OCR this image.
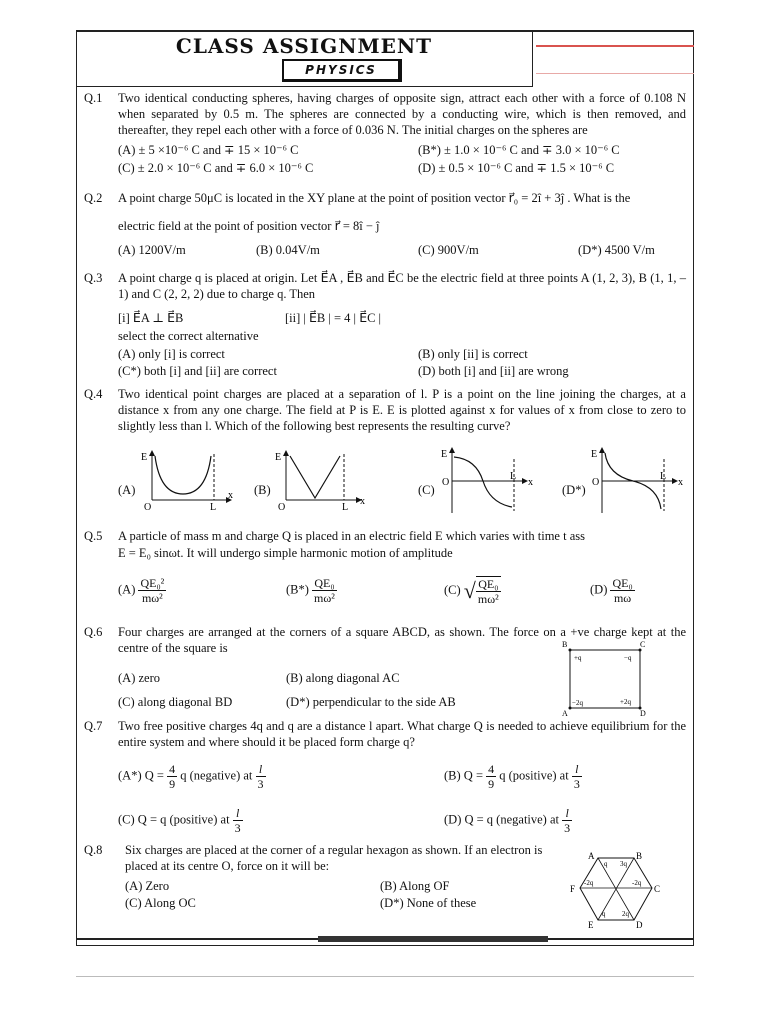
CLASS ASSIGNMENT
PHYSICS
Q.1 Two identical conducting spheres, having charges of opposite sign, attract each other with a force of 0.108 N when separated by 0.5 m. The spheres are connected by a conducting wire, which is then removed, and thereafter, they repel each other with a force of 0.036 N. The initial charges on the spheres are
(A) ± 5 ×10⁻⁶ C and ∓ 15 × 10⁻⁶ C	(B*) ± 1.0 × 10⁻⁶ C and ∓ 3.0 × 10⁻⁶ C
(C) ± 2.0 × 10⁻⁶ C and ∓ 6.0 × 10⁻⁶ C	(D) ± 0.5 × 10⁻⁶ C and ∓ 1.5 × 10⁻⁶ C
Q.2 A point charge 50μC is located in the XY plane at the point of position vector r⃗₀ = 2î + 3ĵ . What is the
electric field at the point of position vector r⃗ = 8î − ĵ
(A) 1200V/m	(B) 0.04V/m	(C) 900V/m	(D*) 4500 V/m
Q.3 A point charge q is placed at origin. Let E⃗A , E⃗B and E⃗C be the electric field at three points A (1, 2, 3), B (1, 1, – 1) and C (2, 2, 2) due to charge q. Then
[i] E⃗A ⊥ E⃗B	[ii] | E⃗B | = 4 | E⃗C |
select the correct alternative
(A) only [i] is correct	(B) only [ii] is correct
(C*) both [i] and [ii] are correct	(D) both [i] and [ii] are wrong
Q.4 Two identical point charges are placed at a separation of l. P is a point on the line joining the charges, at a distance x from any one charge. The field at P is E. E is plotted against x for values of x from close to zero to slightly less than l. Which of the following best represents the resulting curve?
(A)	(B)	(C)	(D*)
E
O	L
x
E
O	L
x
E
O
L
x
E
O
L
x
Q.5 A particle of mass m and charge Q is placed in an electric field E which varies with time t ass
E = E₀ sinωt. It will undergo simple harmonic motion of amplitude
$(A) \frac{\text{QE₀²}}{\text{mω²}}$	$(B*) \frac{\text{QE₀}}{\text{mω²}}$	(C) √ $\frac{\text{QE₀}}{\text{mω²}}$	$(D) \frac{\text{QE₀}}{m\omega}$
Q.6 Four charges are arranged at the corners of a square ABCD, as shown. The force on a +ve charge kept at the centre of the square is
(A) zero	(B) along diagonal AC
(C) along diagonal BD	(D*) perpendicular to the side AB
B	C
A	D
+q	−q
−2q	+2q
Q.7 Two free positive charges 4q and q are a distance l apart. What charge Q is needed to achieve equilibrium for the entire system and where should it be placed form charge q?
(A*) $Q = \frac{4}{9}$ q (negative) at $\frac{l}{3}$	(B) $Q = \frac{4}{9}$ q (positive) at $\frac{l}{3}$
(C) Q = q (positive) at $\frac{l}{3}$	(D) Q = q (negative) at $\frac{l}{3}$
Q.8 Six charges are placed at the corner of a regular hexagon as shown. If an electron is placed at its centre O, force on it will be:
(A) Zero	(B) Along OF
(C) Along OC	(D*) None of these
A	B
C
D
E
F
q 3q
-2q	-2q
q 2q
